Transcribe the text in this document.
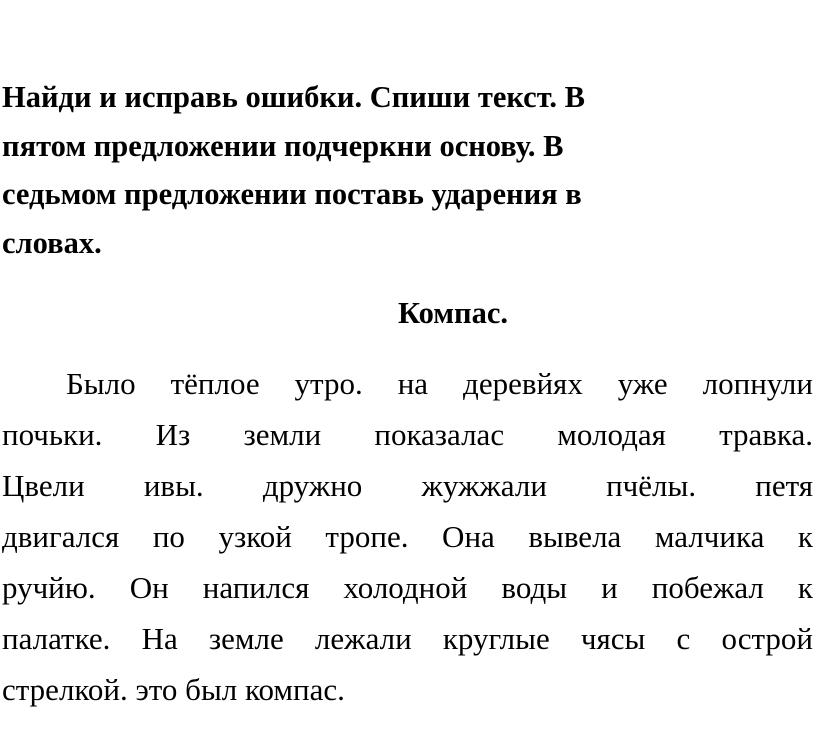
Найди и исправь ошибки. Спиши текст. В
пятом предложении подчеркни основу. В
седьмом предложении поставь ударения в
словах.

Компас.
Было тёплое утро. на деревйях уже лопнули
почьки. Из земли показалас молодая травка.
Цвели ивы. дружно жужжали пчёлы. петя
двигался по узкой тропе. Она вывела малчика к
ручйю. Он напился холодной воды и побежал к
палатке. На земле лежали круглые чясы с острой
стрелкой. это был компас.
